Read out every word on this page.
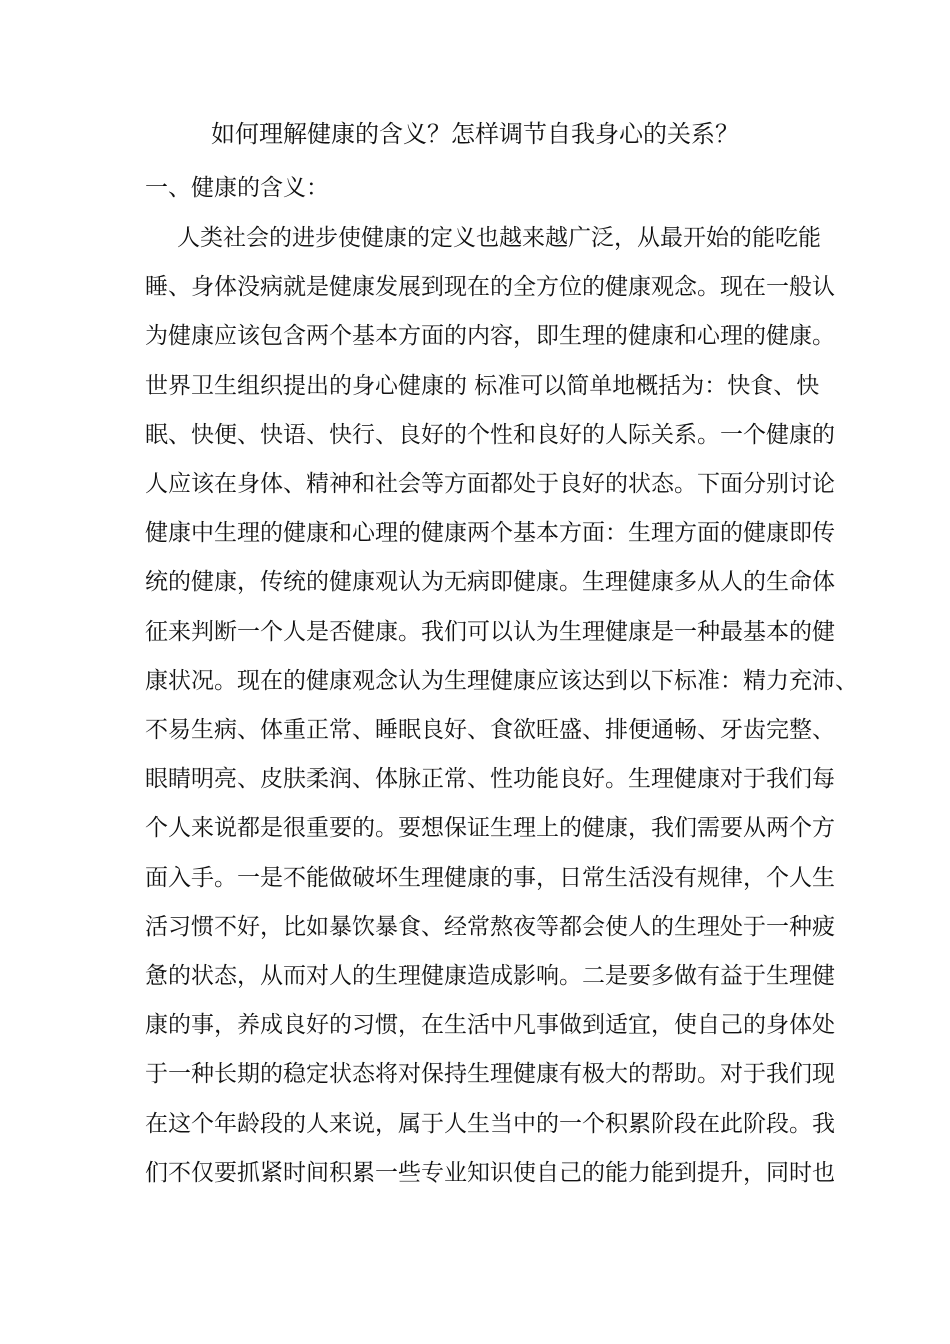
如何理解健康的含义？怎样调节自我身心的关系？
一、健康的含义：
人类社会的进步使健康的定义也越来越广泛，从最开始的能吃能
睡、身体没病就是健康发展到现在的全方位的健康观念。现在一般认
为健康应该包含两个基本方面的内容，即生理的健康和心理的健康。
世界卫生组织提出的身心健康的 标准可以简单地概括为：快食、快
眠、快便、快语、快行、良好的个性和良好的人际关系。一个健康的
人应该在身体、精神和社会等方面都处于良好的状态。下面分别讨论
健康中生理的健康和心理的健康两个基本方面：生理方面的健康即传
统的健康，传统的健康观认为无病即健康。生理健康多从人的生命体
征来判断一个人是否健康。我们可以认为生理健康是一种最基本的健
康状况。现在的健康观念认为生理健康应该达到以下标准：精力充沛、
不易生病、体重正常、睡眠良好、食欲旺盛、排便通畅、牙齿完整、
眼睛明亮、皮肤柔润、体脉正常、性功能良好。生理健康对于我们每
个人来说都是很重要的。要想保证生理上的健康，我们需要从两个方
面入手。一是不能做破坏生理健康的事，日常生活没有规律，个人生
活习惯不好，比如暴饮暴食、经常熬夜等都会使人的生理处于一种疲
惫的状态，从而对人的生理健康造成影响。二是要多做有益于生理健
康的事，养成良好的习惯，在生活中凡事做到适宜，使自己的身体处
于一种长期的稳定状态将对保持生理健康有极大的帮助。对于我们现
在这个年龄段的人来说，属于人生当中的一个积累阶段在此阶段。我
们不仅要抓紧时间积累一些专业知识使自己的能力能到提升，同时也
